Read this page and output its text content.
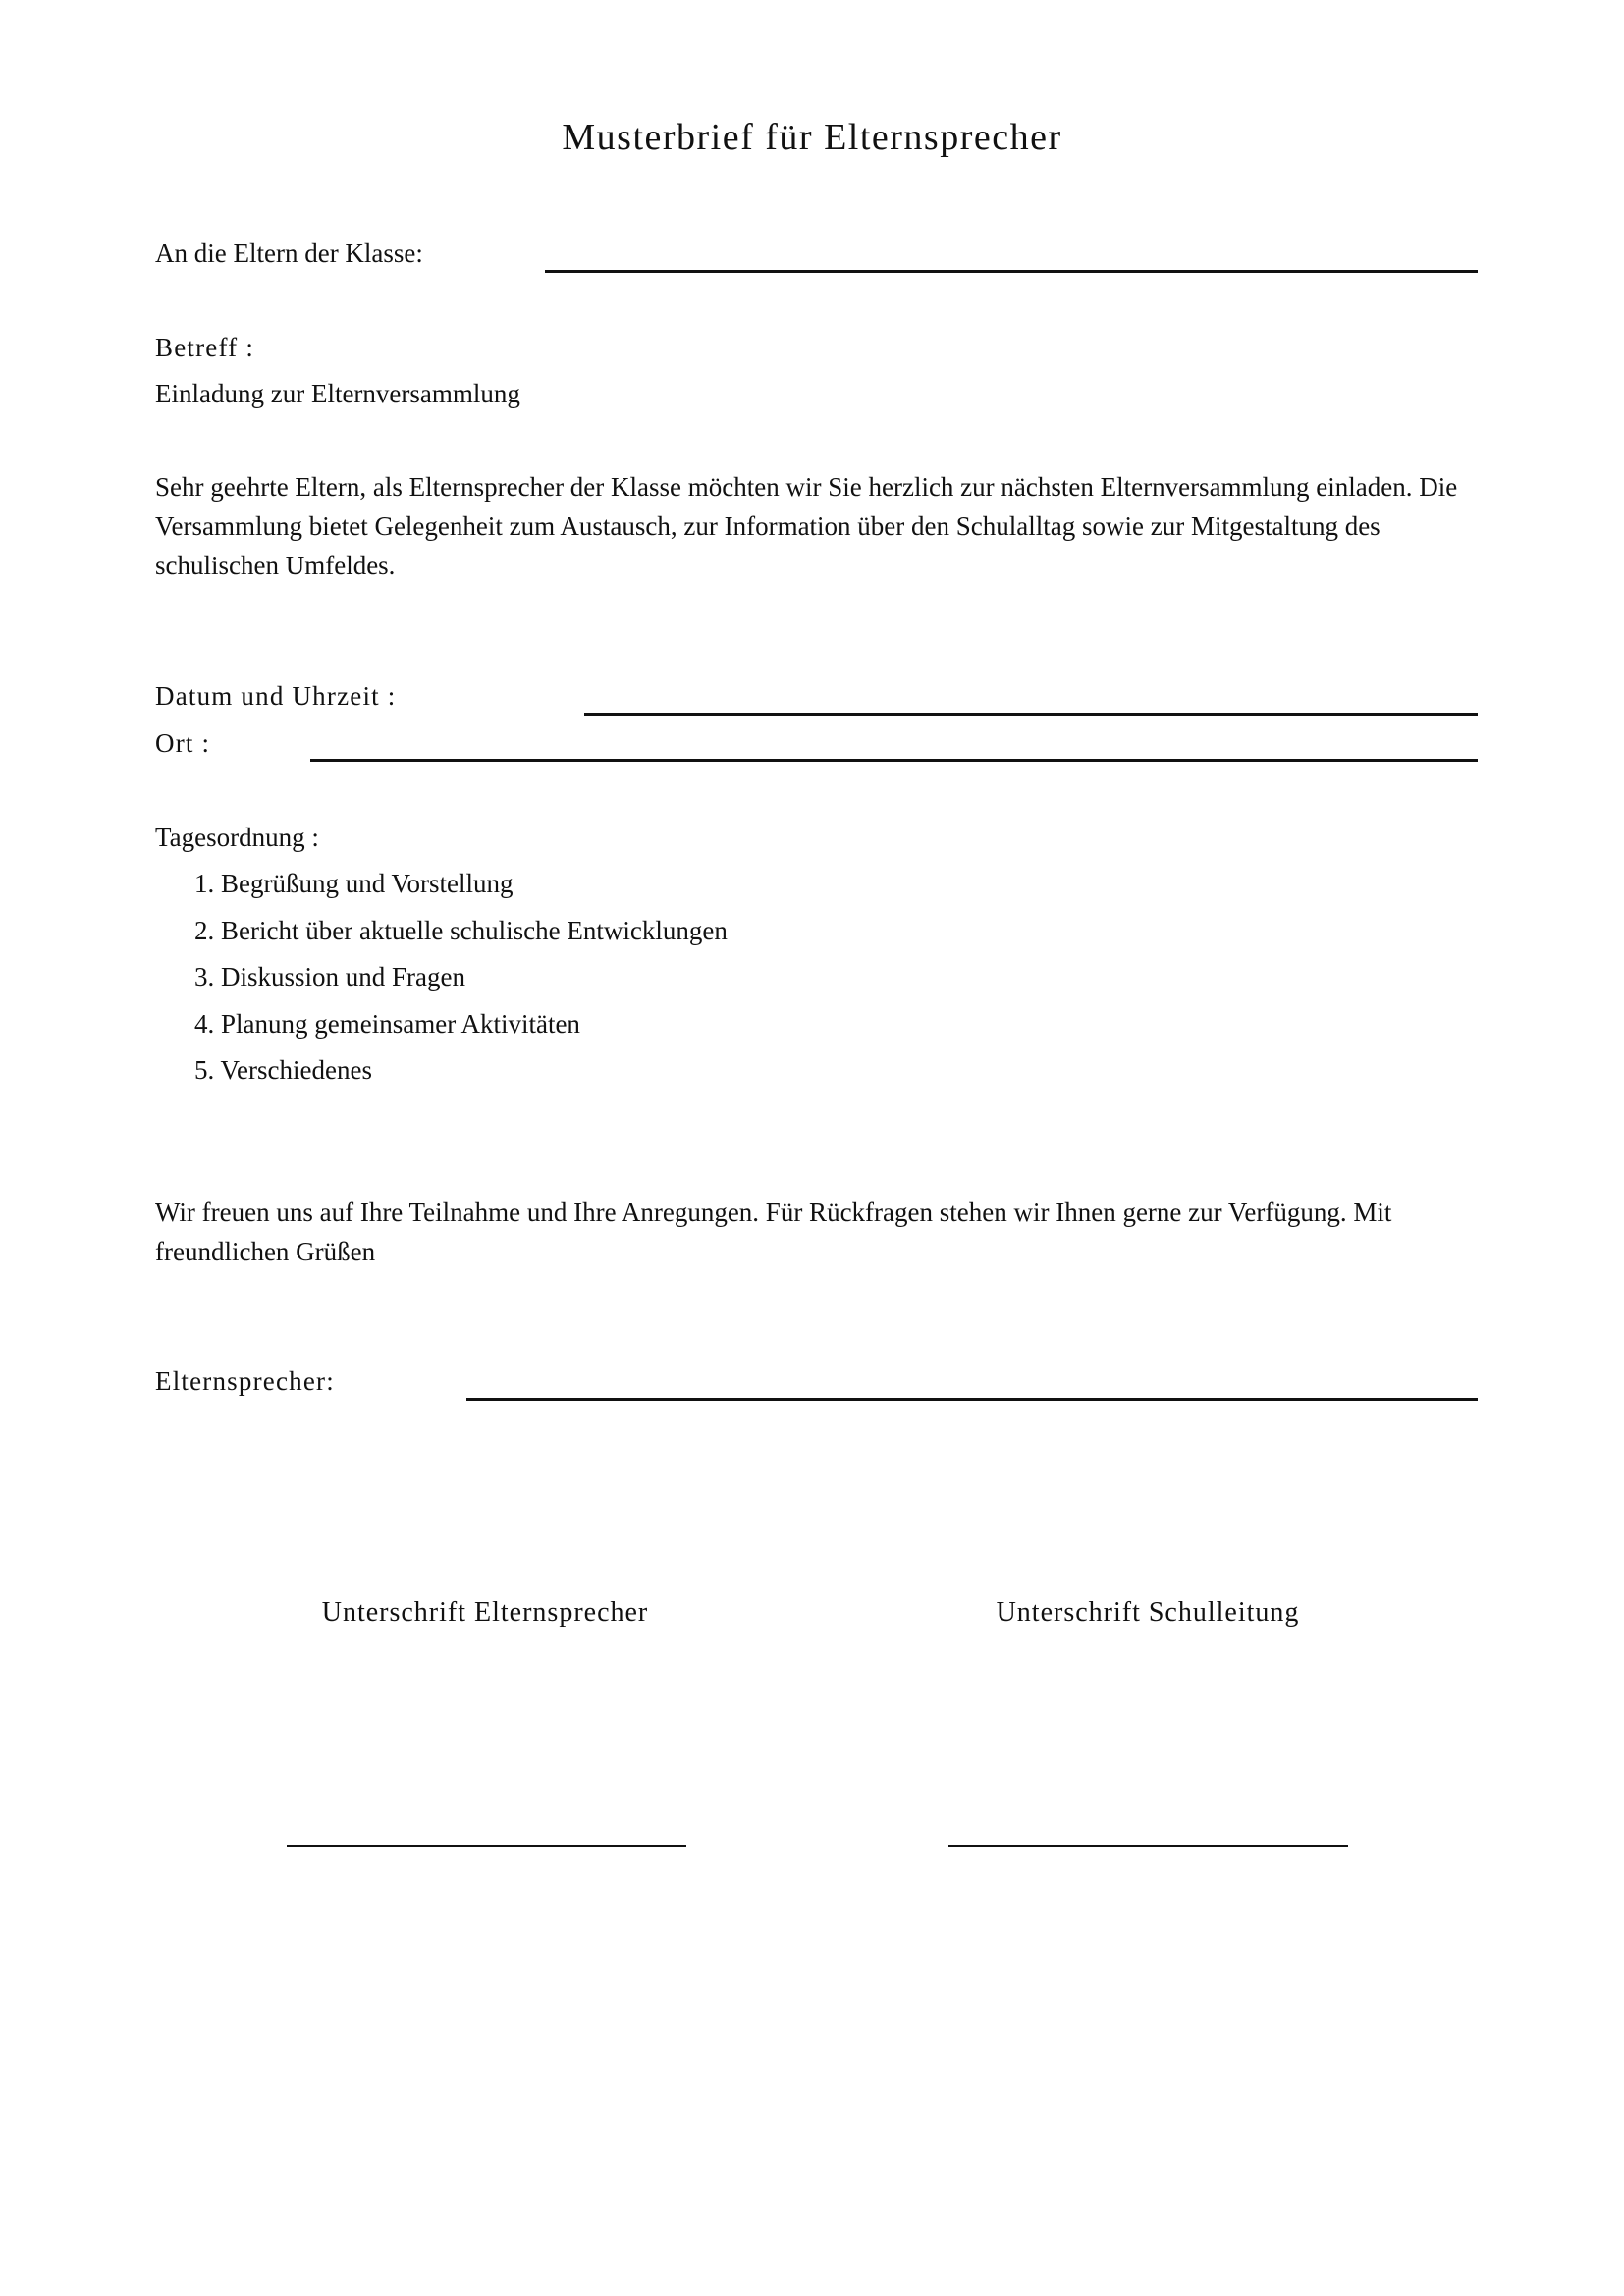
Musterbrief für Elternsprecher
An die Eltern der Klasse:
Betreff :
Einladung zur Elternversammlung
Sehr geehrte Eltern, als Elternsprecher der Klasse möchten wir Sie herzlich zur nächsten Elternversammlung einladen. Die Versammlung bietet Gelegenheit zum Austausch, zur Information über den Schulalltag sowie zur Mitgestaltung des schulischen Umfeldes.
Datum und Uhrzeit :
Ort :
Tagesordnung :
1. Begrüßung und Vorstellung
2. Bericht über aktuelle schulische Entwicklungen
3. Diskussion und Fragen
4. Planung gemeinsamer Aktivitäten
5. Verschiedenes
Wir freuen uns auf Ihre Teilnahme und Ihre Anregungen. Für Rückfragen stehen wir Ihnen gerne zur Verfügung. Mit freundlichen Grüßen
Elternsprecher:
Unterschrift Elternsprecher	Unterschrift Schulleitung
